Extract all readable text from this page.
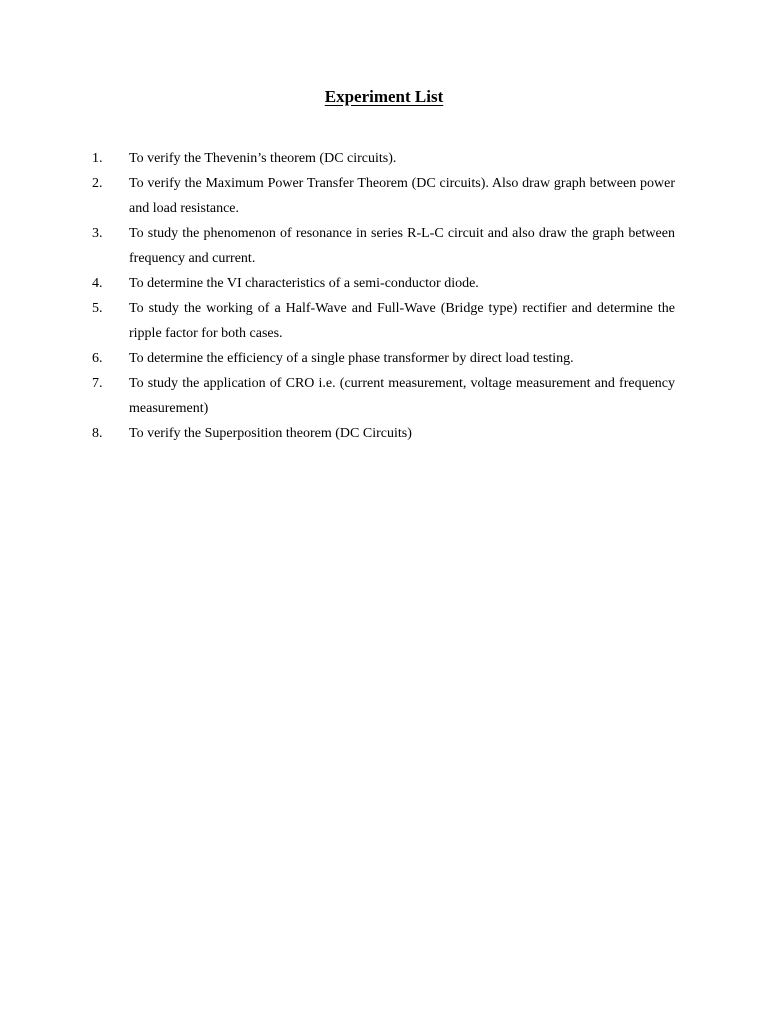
Experiment List
1.	To verify the Thevenin’s theorem (DC circuits).
2.	To verify the Maximum Power Transfer Theorem (DC circuits). Also draw graph between power and load resistance.
3.	To study the phenomenon of resonance in series R-L-C circuit and also draw the graph between frequency and current.
4.	To determine the VI characteristics of a semi-conductor diode.
5.	To study the working of a Half-Wave and Full-Wave (Bridge type) rectifier and determine the ripple factor for both cases.
6.	To determine the efficiency of a single phase transformer by direct load testing.
7.	To study the application of CRO i.e. (current measurement, voltage measurement and frequency measurement)
8.	To verify the Superposition theorem (DC Circuits)
